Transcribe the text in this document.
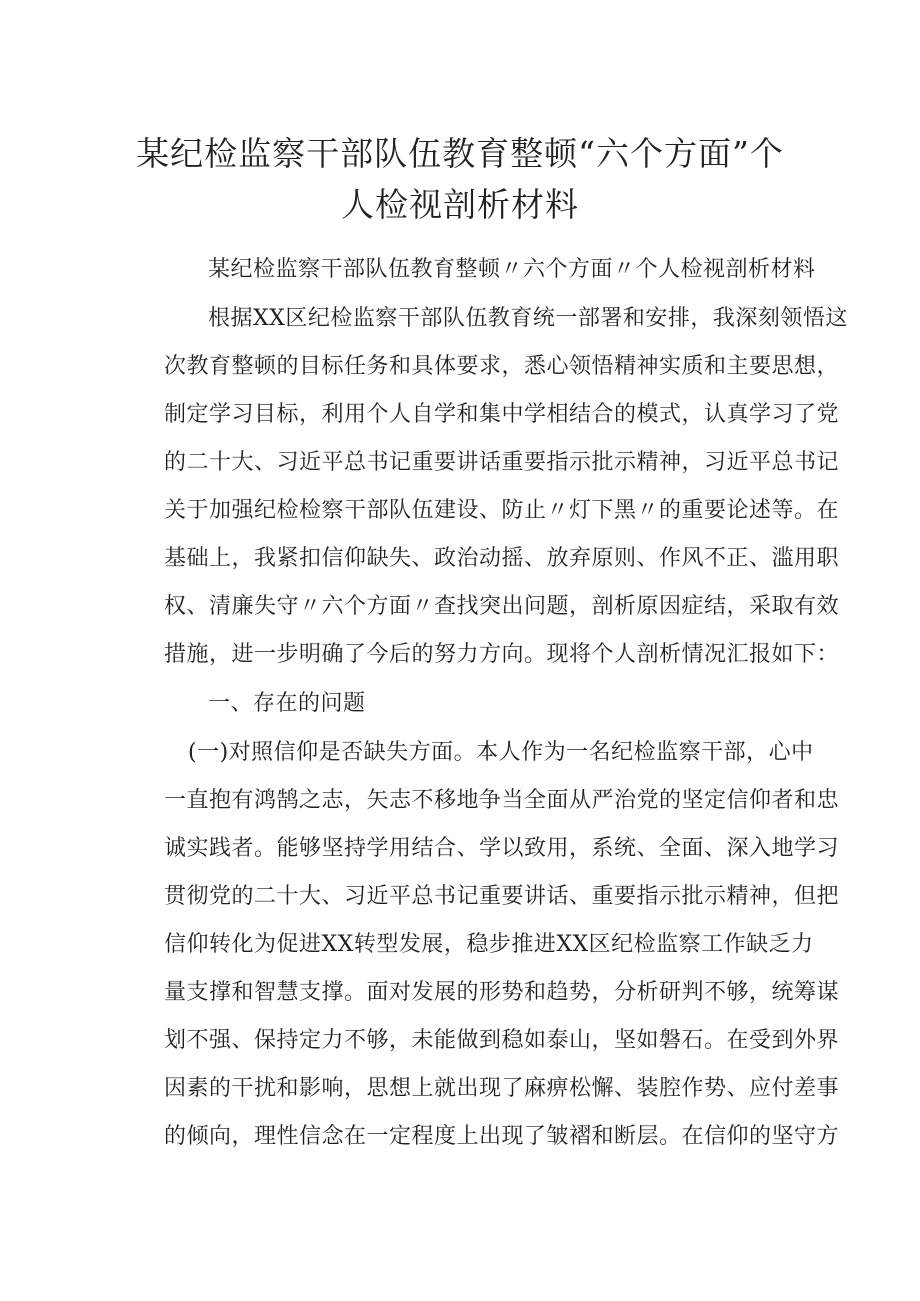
某纪检监察干部队伍教育整顿“六个方面”个
人检视剖析材料
某纪检监察干部队伍教育整顿〃六个方面〃个人检视剖析材料
根据XX区纪检监察干部队伍教育统一部署和安排，我深刻领悟这
次教育整顿的目标任务和具体要求，悉心领悟精神实质和主要思想，
制定学习目标，利用个人自学和集中学相结合的模式，认真学习了党
的二十大、习近平总书记重要讲话重要指示批示精神，习近平总书记
关于加强纪检检察干部队伍建设、防止〃灯下黑〃的重要论述等。在
基础上，我紧扣信仰缺失、政治动摇、放弃原则、作风不正、滥用职
权、清廉失守〃六个方面〃查找突出问题，剖析原因症结，采取有效
措施，进一步明确了今后的努力方向。现将个人剖析情况汇报如下：
一、存在的问题
(一)对照信仰是否缺失方面。本人作为一名纪检监察干部，心中
一直抱有鸿鹄之志，矢志不移地争当全面从严治党的坚定信仰者和忠
诚实践者。能够坚持学用结合、学以致用，系统、全面、深入地学习
贯彻党的二十大、习近平总书记重要讲话、重要指示批示精神，但把
信仰转化为促进XX转型发展，稳步推进XX区纪检监察工作缺乏力
量支撑和智慧支撑。面对发展的形势和趋势，分析研判不够，统筹谋
划不强、保持定力不够，未能做到稳如泰山，坚如磐石。在受到外界
因素的干扰和影响，思想上就出现了麻痹松懈、装腔作势、应付差事
的倾向，理性信念在一定程度上出现了皱褶和断层。在信仰的坚守方
